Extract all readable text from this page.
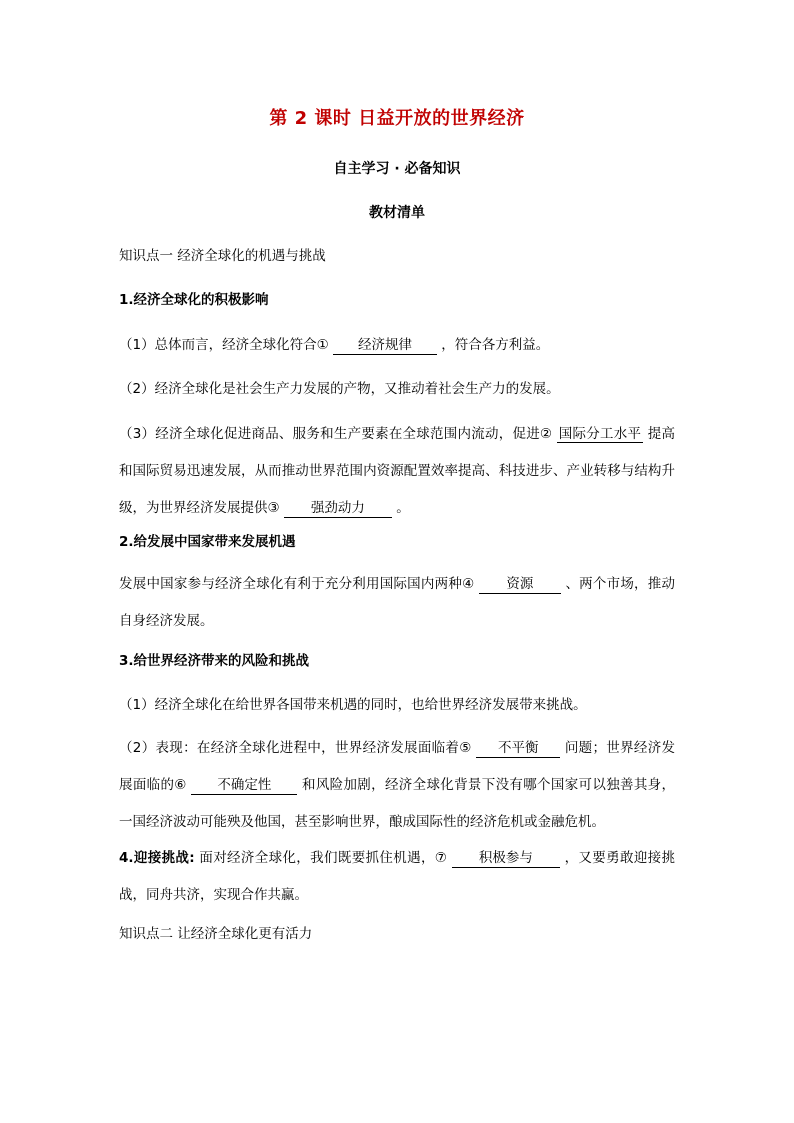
第 2 课时 日益开放的世界经济
自主学习 · 必备知识
教材清单
知识点一 经济全球化的机遇与挑战
1.经济全球化的积极影响
（1）总体而言，经济全球化符合① 经济规律 ，符合各方利益。
（2）经济全球化是社会生产力发展的产物，又推动着社会生产力的发展。
（3）经济全球化促进商品、服务和生产要素在全球范围内流动，促进② 国际分工水平 提高和国际贸易迅速发展，从而推动世界范围内资源配置效率提高、科技进步、产业转移与结构升级，为世界经济发展提供③ 强劲动力 。
2.给发展中国家带来发展机遇
发展中国家参与经济全球化有利于充分利用国际国内两种④ 资源 、两个市场，推动自身经济发展。
3.给世界经济带来的风险和挑战
（1）经济全球化在给世界各国带来机遇的同时，也给世界经济发展带来挑战。
（2）表现：在经济全球化进程中，世界经济发展面临着⑤ 不平衡 问题；世界经济发展面临的⑥ 不确定性 和风险加剧，经济全球化背景下没有哪个国家可以独善其身，一国经济波动可能殃及他国，甚至影响世界，酿成国际性的经济危机或金融危机。
4.迎接挑战: 面对经济全球化，我们既要抓住机遇，⑦ 积极参与 ，又要勇敢迎接挑战，同舟共济，实现合作共赢。
知识点二 让经济全球化更有活力
